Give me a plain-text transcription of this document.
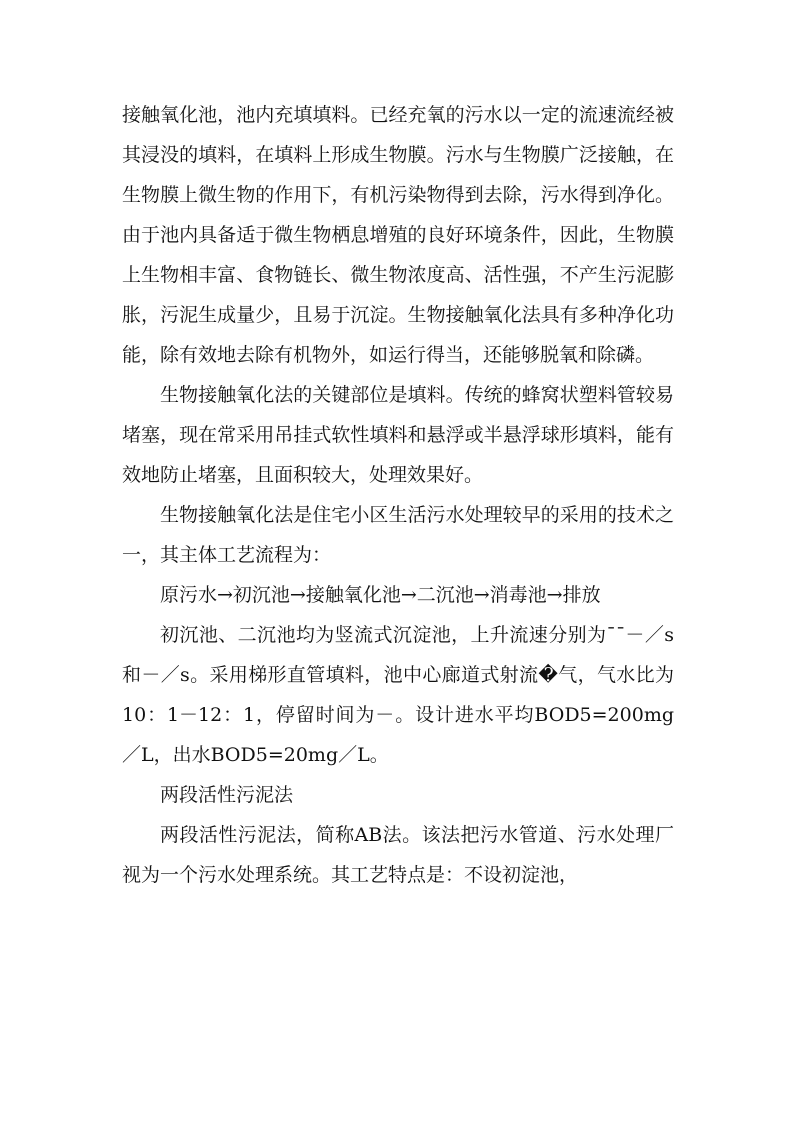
接触氧化池，池内充填填料。已经充氧的污水以一定的流速流经被其浸没的填料，在填料上形成生物膜。污水与生物膜广泛接触，在生物膜上微生物的作用下，有机污染物得到去除，污水得到净化。由于池内具备适于微生物栖息增殖的良好环境条件，因此，生物膜上生物相丰富、食物链长、微生物浓度高、活性强，不产生污泥膨胀，污泥生成量少，且易于沉淀。生物接触氧化法具有多种净化功能，除有效地去除有机物外，如运行得当，还能够脱氧和除磷。

生物接触氧化法的关键部位是填料。传统的蜂窝状塑料管较易堵塞，现在常采用吊挂式软性填料和悬浮或半悬浮球形填料，能有效地防止堵塞，且面积较大，处理效果好。

生物接触氧化法是住宅小区生活污水处理较早的采用的技术之一，其主体工艺流程为：

原污水→初沉池→接触氧化池→二沉池→消毒池→排放

初沉池、二沉池均为竖流式沉淀池，上升流速分别为¯¯－／s和－／s。采用梯形直管填料，池中心廊道式射流�气，气水比为10：1－12：1，停留时间为－。设计进水平均BOD5=200mg／L，出水BOD5=20mg／L。

两段活性污泥法

两段活性污泥法，简称AB法。该法把污水管道、污水处理厂视为一个污水处理系统。其工艺特点是：不设初淀池，
